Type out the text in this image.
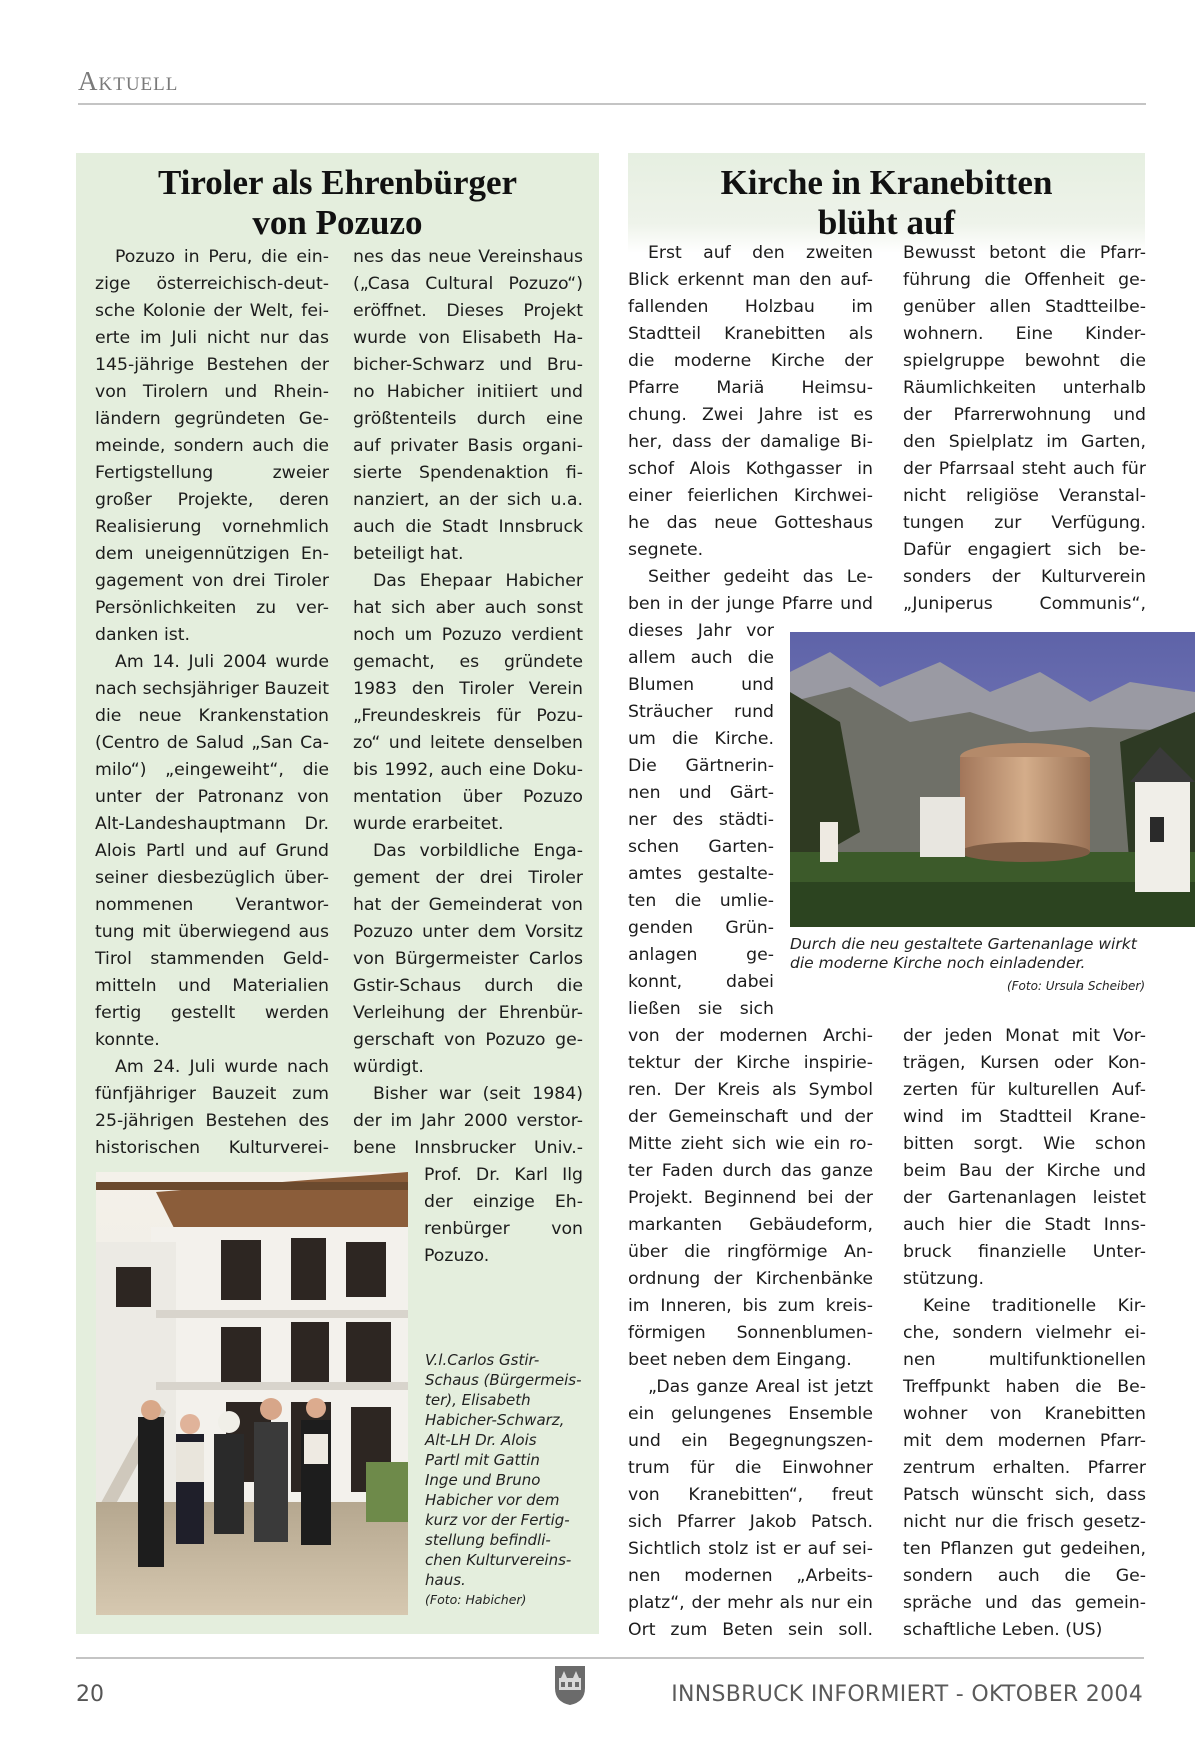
Aktuell
Tiroler als Ehrenbürger
von Pozuzo
Pozuzo in Peru, die ein-
zige österreichisch-deut-
sche Kolonie der Welt, fei-
erte im Juli nicht nur das
145-jährige Bestehen der
von Tirolern und Rhein-
ländern gegründeten Ge-
meinde, sondern auch die
Fertigstellung zweier
großer Projekte, deren
Realisierung vornehmlich
dem uneigennützigen En-
gagement von drei Tiroler
Persönlichkeiten zu ver-
danken ist.
Am 14. Juli 2004 wurde
nach sechsjähriger Bauzeit
die neue Krankenstation
(Centro de Salud „San Ca-
milo“) „eingeweiht“, die
unter der Patronanz von
Alt-Landeshauptmann Dr.
Alois Partl und auf Grund
seiner diesbezüglich über-
nommenen Verantwor-
tung mit überwiegend aus
Tirol stammenden Geld-
mitteln und Materialien
fertig gestellt werden
konnte.
Am 24. Juli wurde nach
fünfjähriger Bauzeit zum
25-jährigen Bestehen des
historischen Kulturverei-
nes das neue Vereinshaus
(„Casa Cultural Pozuzo“)
eröffnet. Dieses Projekt
wurde von Elisabeth Ha-
bicher-Schwarz und Bru-
no Habicher initiiert und
größtenteils durch eine
auf privater Basis organi-
sierte Spendenaktion fi-
nanziert, an der sich u.a.
auch die Stadt Innsbruck
beteiligt hat.
Das Ehepaar Habicher
hat sich aber auch sonst
noch um Pozuzo verdient
gemacht, es gründete
1983 den Tiroler Verein
„Freundeskreis für Pozu-
zo“ und leitete denselben
bis 1992, auch eine Doku-
mentation über Pozuzo
wurde erarbeitet.
Das vorbildliche Enga-
gement der drei Tiroler
hat der Gemeinderat von
Pozuzo unter dem Vorsitz
von Bürgermeister Carlos
Gstir-Schaus durch die
Verleihung der Ehrenbür-
gerschaft von Pozuzo ge-
würdigt.
Bisher war (seit 1984)
der im Jahr 2000 verstor-
bene Innsbrucker Univ.-
Prof. Dr. Karl Ilg
der einzige Eh-
renbürger von
Pozuzo.
V.l.Carlos Gstir-
Schaus (Bürgermeis-
ter), Elisabeth
Habicher-Schwarz,
Alt-LH Dr. Alois
Partl mit Gattin
Inge und Bruno
Habicher vor dem
kurz vor der Fertig-
stellung befindli-
chen Kulturvereins-
haus.
(Foto: Habicher)
Kirche in Kranebitten
blüht auf
Erst auf den zweiten
Blick erkennt man den auf-
fallenden Holzbau im
Stadtteil Kranebitten als
die moderne Kirche der
Pfarre Mariä Heimsu-
chung. Zwei Jahre ist es
her, dass der damalige Bi-
schof Alois Kothgasser in
einer feierlichen Kirchwei-
he das neue Gotteshaus
segnete.
Seither gedeiht das Le-
ben in der junge Pfarre und
dieses Jahr vor
allem auch die
Blumen und
Sträucher rund
um die Kirche.
Die Gärtnerin-
nen und Gärt-
ner des städti-
schen Garten-
amtes gestalte-
ten die umlie-
genden Grün-
anlagen ge-
konnt, dabei
ließen sie sich
von der modernen Archi-
tektur der Kirche inspirie-
ren. Der Kreis als Symbol
der Gemeinschaft und der
Mitte zieht sich wie ein ro-
ter Faden durch das ganze
Projekt. Beginnend bei der
markanten Gebäudeform,
über die ringförmige An-
ordnung der Kirchenbänke
im Inneren, bis zum kreis-
förmigen Sonnenblumen-
beet neben dem Eingang.
„Das ganze Areal ist jetzt
ein gelungenes Ensemble
und ein Begegnungszen-
trum für die Einwohner
von Kranebitten“, freut
sich Pfarrer Jakob Patsch.
Sichtlich stolz ist er auf sei-
nen modernen „Arbeits-
platz“, der mehr als nur ein
Ort zum Beten sein soll.
Bewusst betont die Pfarr-
führung die Offenheit ge-
genüber allen Stadtteilbe-
wohnern. Eine Kinder-
spielgruppe bewohnt die
Räumlichkeiten unterhalb
der Pfarrerwohnung und
den Spielplatz im Garten,
der Pfarrsaal steht auch für
nicht religiöse Veranstal-
tungen zur Verfügung.
Dafür engagiert sich be-
sonders der Kulturverein
„Juniperus Communis“,
der jeden Monat mit Vor-
trägen, Kursen oder Kon-
zerten für kulturellen Auf-
wind im Stadtteil Krane-
bitten sorgt. Wie schon
beim Bau der Kirche und
der Gartenanlagen leistet
auch hier die Stadt Inns-
bruck finanzielle Unter-
stützung.
Keine traditionelle Kir-
che, sondern vielmehr ei-
nen multifunktionellen
Treffpunkt haben die Be-
wohner von Kranebitten
mit dem modernen Pfarr-
zentrum erhalten. Pfarrer
Patsch wünscht sich, dass
nicht nur die frisch gesetz-
ten Pflanzen gut gedeihen,
sondern auch die Ge-
spräche und das gemein-
schaftliche Leben. (US)
Durch die neu gestaltete Gartenanlage wirkt
die moderne Kirche noch einladender.
(Foto: Ursula Scheiber)
20	INNSBRUCK INFORMIERT - OKTOBER 2004
